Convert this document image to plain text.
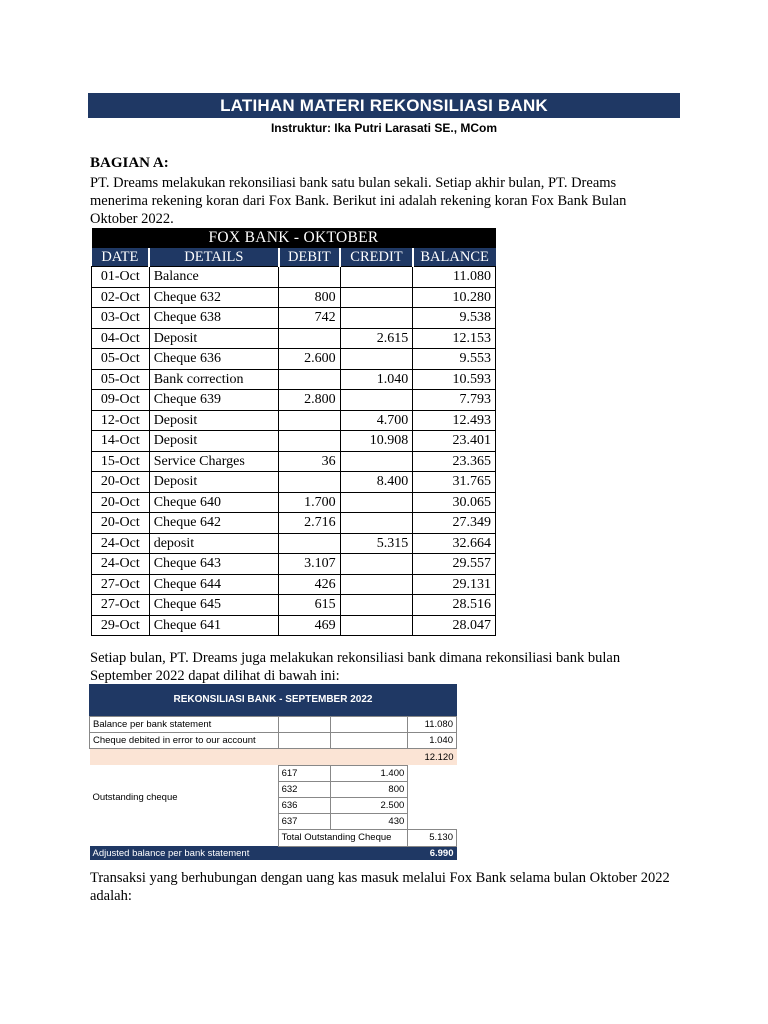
LATIHAN MATERI REKONSILIASI BANK
Instruktur: Ika Putri Larasati SE., MCom
BAGIAN A:
PT. Dreams melakukan rekonsiliasi bank satu bulan sekali. Setiap akhir bulan, PT. Dreams menerima rekening koran dari Fox Bank. Berikut ini adalah rekening koran Fox Bank Bulan Oktober 2022.
FOX BANK - OKTOBER				
DATE	DETAILS	DEBIT	CREDIT	BALANCE
01-Oct	Balance			11.080
02-Oct	Cheque 632	800		10.280
03-Oct	Cheque 638	742		9.538
04-Oct	Deposit		2.615	12.153
05-Oct	Cheque 636	2.600		9.553
05-Oct	Bank correction		1.040	10.593
09-Oct	Cheque 639	2.800		7.793
12-Oct	Deposit		4.700	12.493
14-Oct	Deposit		10.908	23.401
15-Oct	Service Charges	36		23.365
20-Oct	Deposit		8.400	31.765
20-Oct	Cheque 640	1.700		30.065
20-Oct	Cheque 642	2.716		27.349
24-Oct	deposit		5.315	32.664
24-Oct	Cheque 643	3.107		29.557
27-Oct	Cheque 644	426		29.131
27-Oct	Cheque 645	615		28.516
29-Oct	Cheque 641	469		28.047
Setiap bulan, PT. Dreams juga melakukan rekonsiliasi bank dimana rekonsiliasi bank bulan September 2022 dapat dilihat di bawah ini:
REKONSILIASI BANK - SEPTEMBER 2022
Balance per bank statement			11.080
Cheque debited in error to our account			1.040
			12.120
Outstanding cheque	617	1.400	
	632	800	
	636	2.500	
	637	430	
	Total Outstanding Cheque		5.130
Adjusted balance per bank statement			6.990
Transaksi yang berhubungan dengan uang kas masuk melalui Fox Bank selama bulan Oktober 2022 adalah:
